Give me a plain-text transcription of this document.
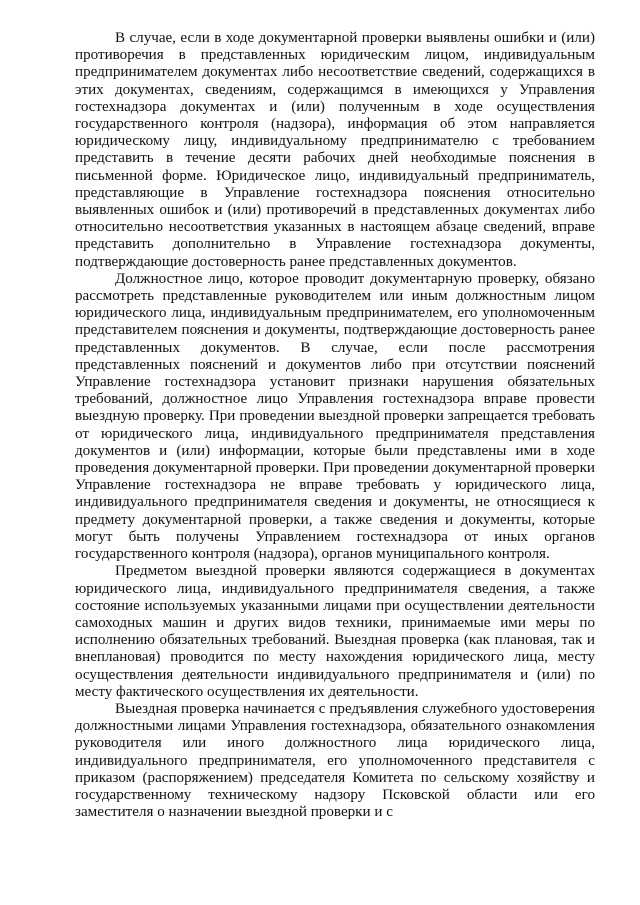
В случае, если в ходе документарной проверки выявлены ошибки и (или) противоречия в представленных юридическим лицом, индивидуальным предпринимателем документах либо несоответствие сведений, содержащихся в этих документах, сведениям, содержащимся в имеющихся у Управления гостехнадзора документах и (или) полученным в ходе осуществления государственного контроля (надзора), информация об этом направляется юридическому лицу, индивидуальному предпринимателю с требованием представить в течение десяти рабочих дней необходимые пояснения в письменной форме. Юридическое лицо, индивидуальный предприниматель, представляющие в Управление гостехнадзора пояснения относительно выявленных ошибок и (или) противоречий в представленных документах либо относительно несоответствия указанных в настоящем абзаце сведений, вправе представить дополнительно в Управление гостехнадзора документы, подтверждающие достоверность ранее представленных документов.

Должностное лицо, которое проводит документарную проверку, обязано рассмотреть представленные руководителем или иным должностным лицом юридического лица, индивидуальным предпринимателем, его уполномоченным представителем пояснения и документы, подтверждающие достоверность ранее представленных документов. В случае, если после рассмотрения представленных пояснений и документов либо при отсутствии пояснений Управление гостехнадзора установит признаки нарушения обязательных требований, должностное лицо Управления гостехнадзора вправе провести выездную проверку. При проведении выездной проверки запрещается требовать от юридического лица, индивидуального предпринимателя представления документов и (или) информации, которые были представлены ими в ходе проведения документарной проверки. При проведении документарной проверки Управление гостехнадзора не вправе требовать у юридического лица, индивидуального предпринимателя сведения и документы, не относящиеся к предмету документарной проверки, а также сведения и документы, которые могут быть получены Управлением гостехнадзора от иных органов государственного контроля (надзора), органов муниципального контроля.

Предметом выездной проверки являются содержащиеся в документах юридического лица, индивидуального предпринимателя сведения, а также состояние используемых указанными лицами при осуществлении деятельности самоходных машин и других видов техники, принимаемые ими меры по исполнению обязательных требований. Выездная проверка (как плановая, так и внеплановая) проводится по месту нахождения юридического лица, месту осуществления деятельности индивидуального предпринимателя и (или) по месту фактического осуществления их деятельности.

Выездная проверка начинается с предъявления служебного удостоверения должностными лицами Управления гостехнадзора, обязательного ознакомления руководителя или иного должностного лица юридического лица, индивидуального предпринимателя, его уполномоченного представителя с приказом (распоряжением) председателя Комитета по сельскому хозяйству и государственному техническому надзору Псковской области или его заместителя о назначении выездной проверки и с
